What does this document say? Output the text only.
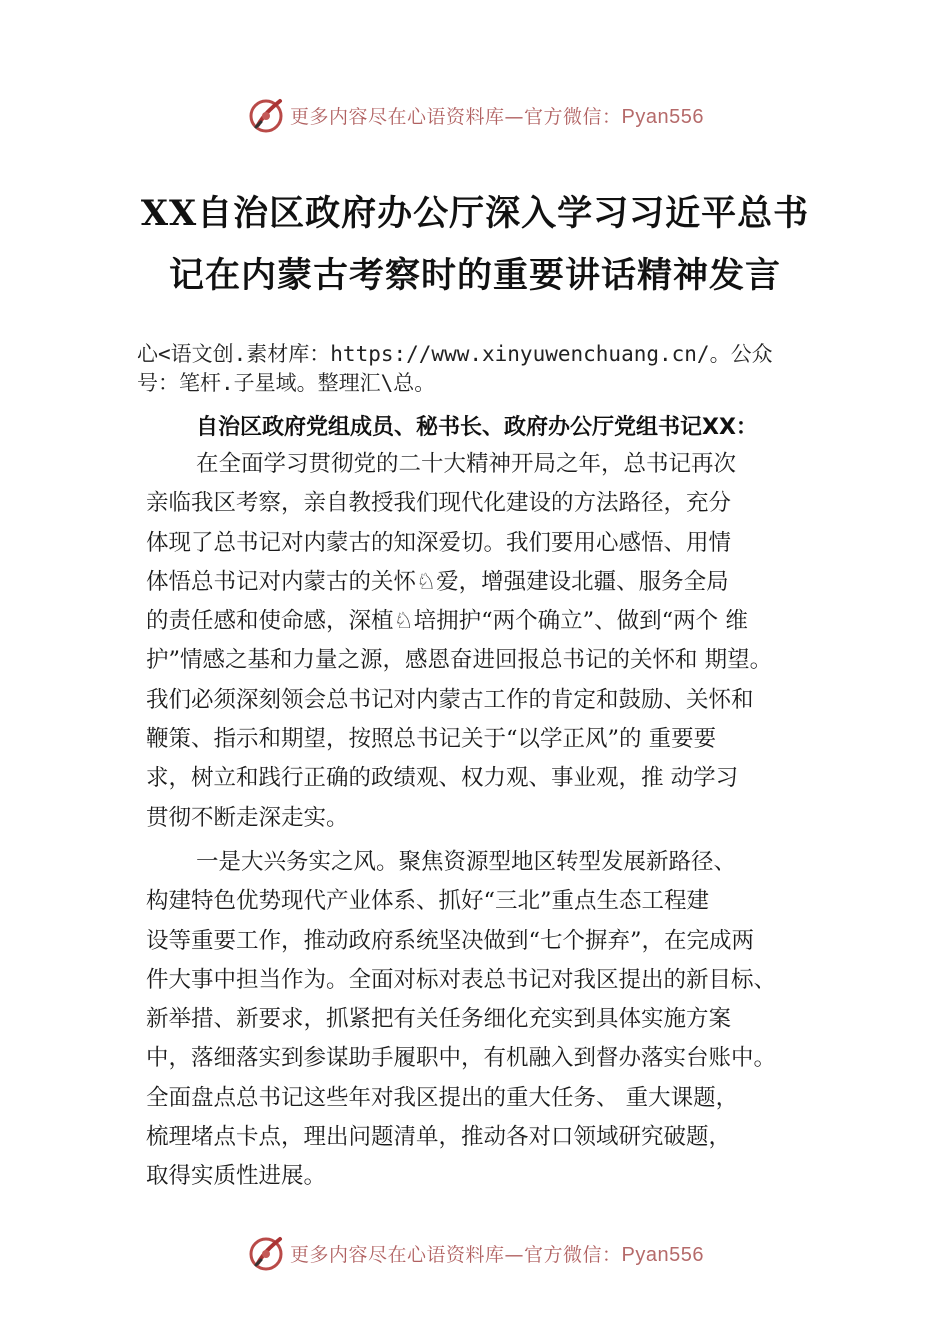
更多内容尽在心语资料库—官方微信：Pyan556
XX自治区政府办公厅深入学习习近平总书
记在内蒙古考察时的重要讲话精神发言
心<语文创.素材库：https://www.xinyuwenchuang.cn/。公众
号：笔杆.子星域。整理汇\总。
自治区政府党组成员、秘书长、政府办公厅党组书记XX：
在全面学习贯彻党的二十大精神开局之年，总书记再次
亲临我区考察，亲自教授我们现代化建设的方法路径，充分
体现了总书记对内蒙古的知深爱切。我们要用心感悟、用情
体悟总书记对内蒙古的关怀♘爱，增强建设北疆、服务全局
的责任感和使命感，深植♘培拥护“两个确立”、做到“两个 维
护”情感之基和力量之源，感恩奋进回报总书记的关怀和 期望。
我们必须深刻领会总书记对内蒙古工作的肯定和鼓励、关怀和
鞭策、指示和期望，按照总书记关于“以学正风”的 重要要
求，树立和践行正确的政绩观、权力观、事业观，推 动学习
贯彻不断走深走实。
一是大兴务实之风。聚焦资源型地区转型发展新路径、
构建特色优势现代产业体系、抓好“三北”重点生态工程建
设等重要工作，推动政府系统坚决做到“七个摒弃”，在完成两
件大事中担当作为。全面对标对表总书记对我区提出的新目标、
新举措、新要求，抓紧把有关任务细化充实到具体实施方案
中，落细落实到参谋助手履职中，有机融入到督办落实台账中。
全面盘点总书记这些年对我区提出的重大任务、 重大课题，
梳理堵点卡点，理出问题清单，推动各对口领域研究破题，
取得实质性进展。
更多内容尽在心语资料库—官方微信：Pyan556
